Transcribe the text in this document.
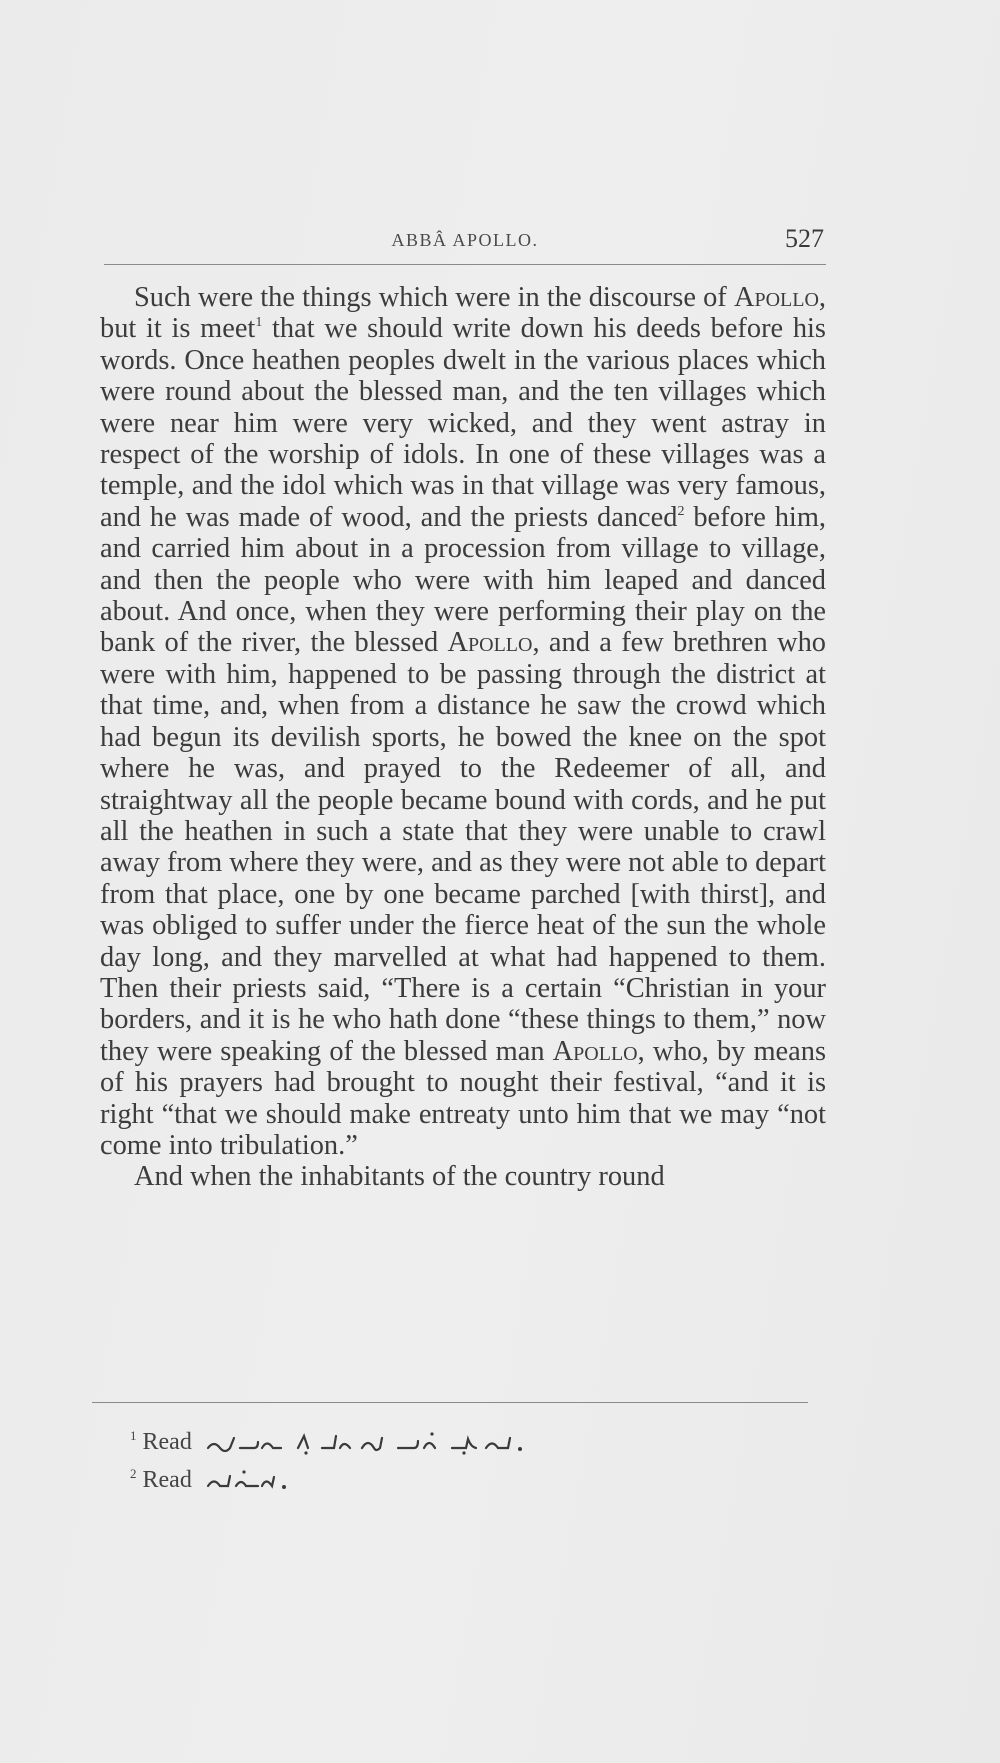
ABBÂ APOLLO.	527

Such were the things which were in the discourse of Apollo, but it is meet$^1$ that we should write down his deeds before his words. Once heathen peoples dwelt in the various places which were round about the blessed man, and the ten villages which were near him were very wicked, and they went astray in respect of the worship of idols. In one of these villages was a temple, and the idol which was in that village was very famous, and he was made of wood, and the priests danced$^2$ before him, and carried him about in a procession from village to village, and then the people who were with him leaped and danced about. And once, when they were performing their play on the bank of the river, the blessed Apollo, and a few brethren who were with him, happened to be passing through the district at that time, and, when from a distance he saw the crowd which had begun its devilish sports, he bowed the knee on the spot where he was, and prayed to the Redeemer of all, and straightway all the people became bound with cords, and he put all the heathen in such a state that they were unable to crawl away from where they were, and as they were not able to depart from that place, one by one became parched [with thirst], and was obliged to suffer under the fierce heat of the sun the whole day long, and they marvelled at what had happened to them. Then their priests said, “There is a certain “Christian in your borders, and it is he who hath done “these things to them,” now they were speaking of the blessed man Apollo, who, by means of his prayers had brought to nought their festival, “and it is right “that we should make entreaty unto him that we may “not come into tribulation.”

And when the inhabitants of the country round

$^1$ Read
$^2$ Read
